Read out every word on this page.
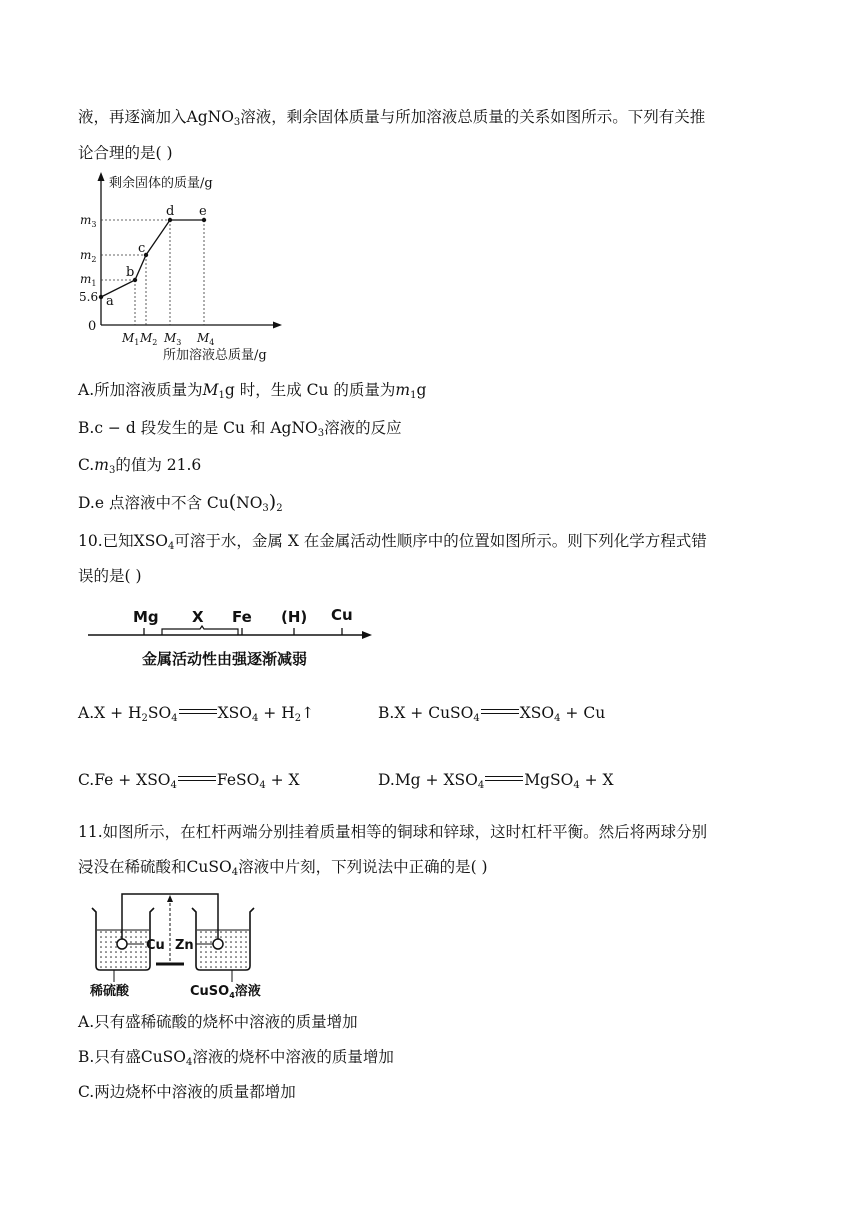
液，再逐滴加入AgNO$_3$溶液，剩余固体质量与所加溶液总质量的关系如图所示。下列有关推
论合理的是( )
a
b
c
d e
剩余固体的质量/g
$m_3$
$m_2$
$m_1$
5.6
0
$M_1$ $M_2$ $M_3$ $M_4$
所加溶液总质量/g
A.所加溶液质量为$M_1g$ 时，生成 Cu 的质量为$m_1g$
B.c − d 段发生的是 Cu 和 AgNO$_3$溶液的反应
$C.m_3$的值为 21.6
D.e 点溶液中不含 $Cu(NO_3)_2$
10.已知$XSO_4$可溶于水，金属 X 在金属活动性顺序中的位置如图所示。则下列化学方程式错
误的是( )
Mg X Fe (H) Cu
金属活动性由强逐渐减弱
$A.X + H_2SO_4$	$XSO_4$ + $H_2↑$	B.X + CuSO$_4$	$XSO_4 + Cu$
$C.Fe + XSO_4$	FeSO$_4$ + X	$D.Mg + XSO_4$	MgSO$_4$ + X
11.如图所示，在杠杆两端分别挂着质量相等的铜球和锌球，这时杠杆平衡。然后将两球分别
浸没在稀硫酸和CuSO$_4$溶液中片刻，下列说法中正确的是( )
Cu Zn
稀硫酸	CuSO$_4$溶液
A.只有盛稀硫酸的烧杯中溶液的质量增加
B.只有盛CuSO$_4$溶液的烧杯中溶液的质量增加
C.两边烧杯中溶液的质量都增加
